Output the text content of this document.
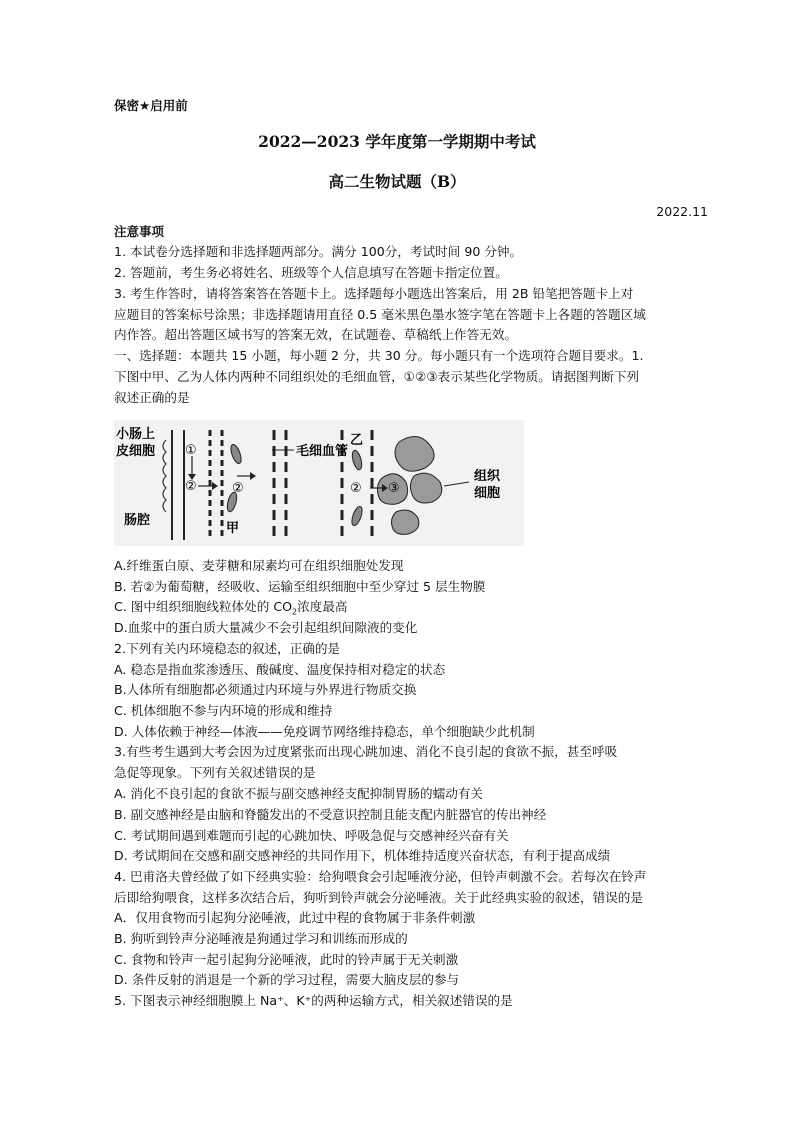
保密★启用前
2022—2023 学年度第一学期期中考试
高二生物试题（B）
2022.11
注意事项
1. 本试卷分选择题和非选择题两部分。满分 100分，考试时间 90 分钟。
2. 答题前，考生务必将姓名、班级等个人信息填写在答题卡指定位置。
3. 考生作答时，请将答案答在答题卡上。选择题每小题选出答案后，用 2B 铅笔把答题卡上对
应题目的答案标号涂黑；非选择题请用直径 0.5 毫米黑色墨水签字笔在答题卡上各题的答题区域
内作答。超出答题区域书写的答案无效，在试题卷、草稿纸上作答无效。
一、选择题：本题共 15 小题，每小题 2 分，共 30 分。每小题只有一个选项符合题目要求。1.
下图中甲、乙为人体内两种不同组织处的毛细血管，①②③表示某些化学物质。请据图判断下列
叙述正确的是
小肠上
皮细胞
肠腔
毛细血管
甲
乙
组织
细胞
①
②	②	② ③
A.纤维蛋白原、麦芽糖和尿素均可在组织细胞处发现
B. 若②为葡萄糖，经吸收、运输至组织细胞中至少穿过 5 层生物膜
C. 图中组织细胞线粒体处的 $CO_2$浓度最高
D.血浆中的蛋白质大量减少不会引起组织间隙液的变化
2.下列有关内环境稳态的叙述，正确的是
A. 稳态是指血浆渗透压、酸碱度、温度保持相对稳定的状态
B.人体所有细胞都必须通过内环境与外界进行物质交换
C. 机体细胞不参与内环境的形成和维持
D. 人体依赖于神经—体液——免疫调节网络维持稳态，单个细胞缺少此机制
3.有些考生遇到大考会因为过度紧张而出现心跳加速、消化不良引起的食欲不振，甚至呼吸
急促等现象。下列有关叙述错误的是
A. 消化不良引起的食欲不振与副交感神经支配抑制胃肠的蠕动有关
B. 副交感神经是由脑和脊髓发出的不受意识控制且能支配内脏器官的传出神经
C. 考试期间遇到难题而引起的心跳加快、呼吸急促与交感神经兴奋有关
D. 考试期间在交感和副交感神经的共同作用下，机体维持适度兴奋状态，有利于提高成绩
4. 巴甫洛夫曾经做了如下经典实验：给狗喂食会引起唾液分泌，但铃声刺激不会。若每次在铃声
后即给狗喂食，这样多次结合后，狗听到铃声就会分泌唾液。关于此经典实验的叙述，错误的是
A．仅用食物而引起狗分泌唾液，此过中程的食物属于非条件刺激
B. 狗听到铃声分泌唾液是狗通过学习和训练而形成的
C. 食物和铃声一起引起狗分泌唾液，此时的铃声属于无关刺激
D. 条件反射的消退是一个新的学习过程，需要大脑皮层的参与
5. 下图表示神经细胞膜上 Na⁺、K⁺的两种运输方式，相关叙述错误的是
